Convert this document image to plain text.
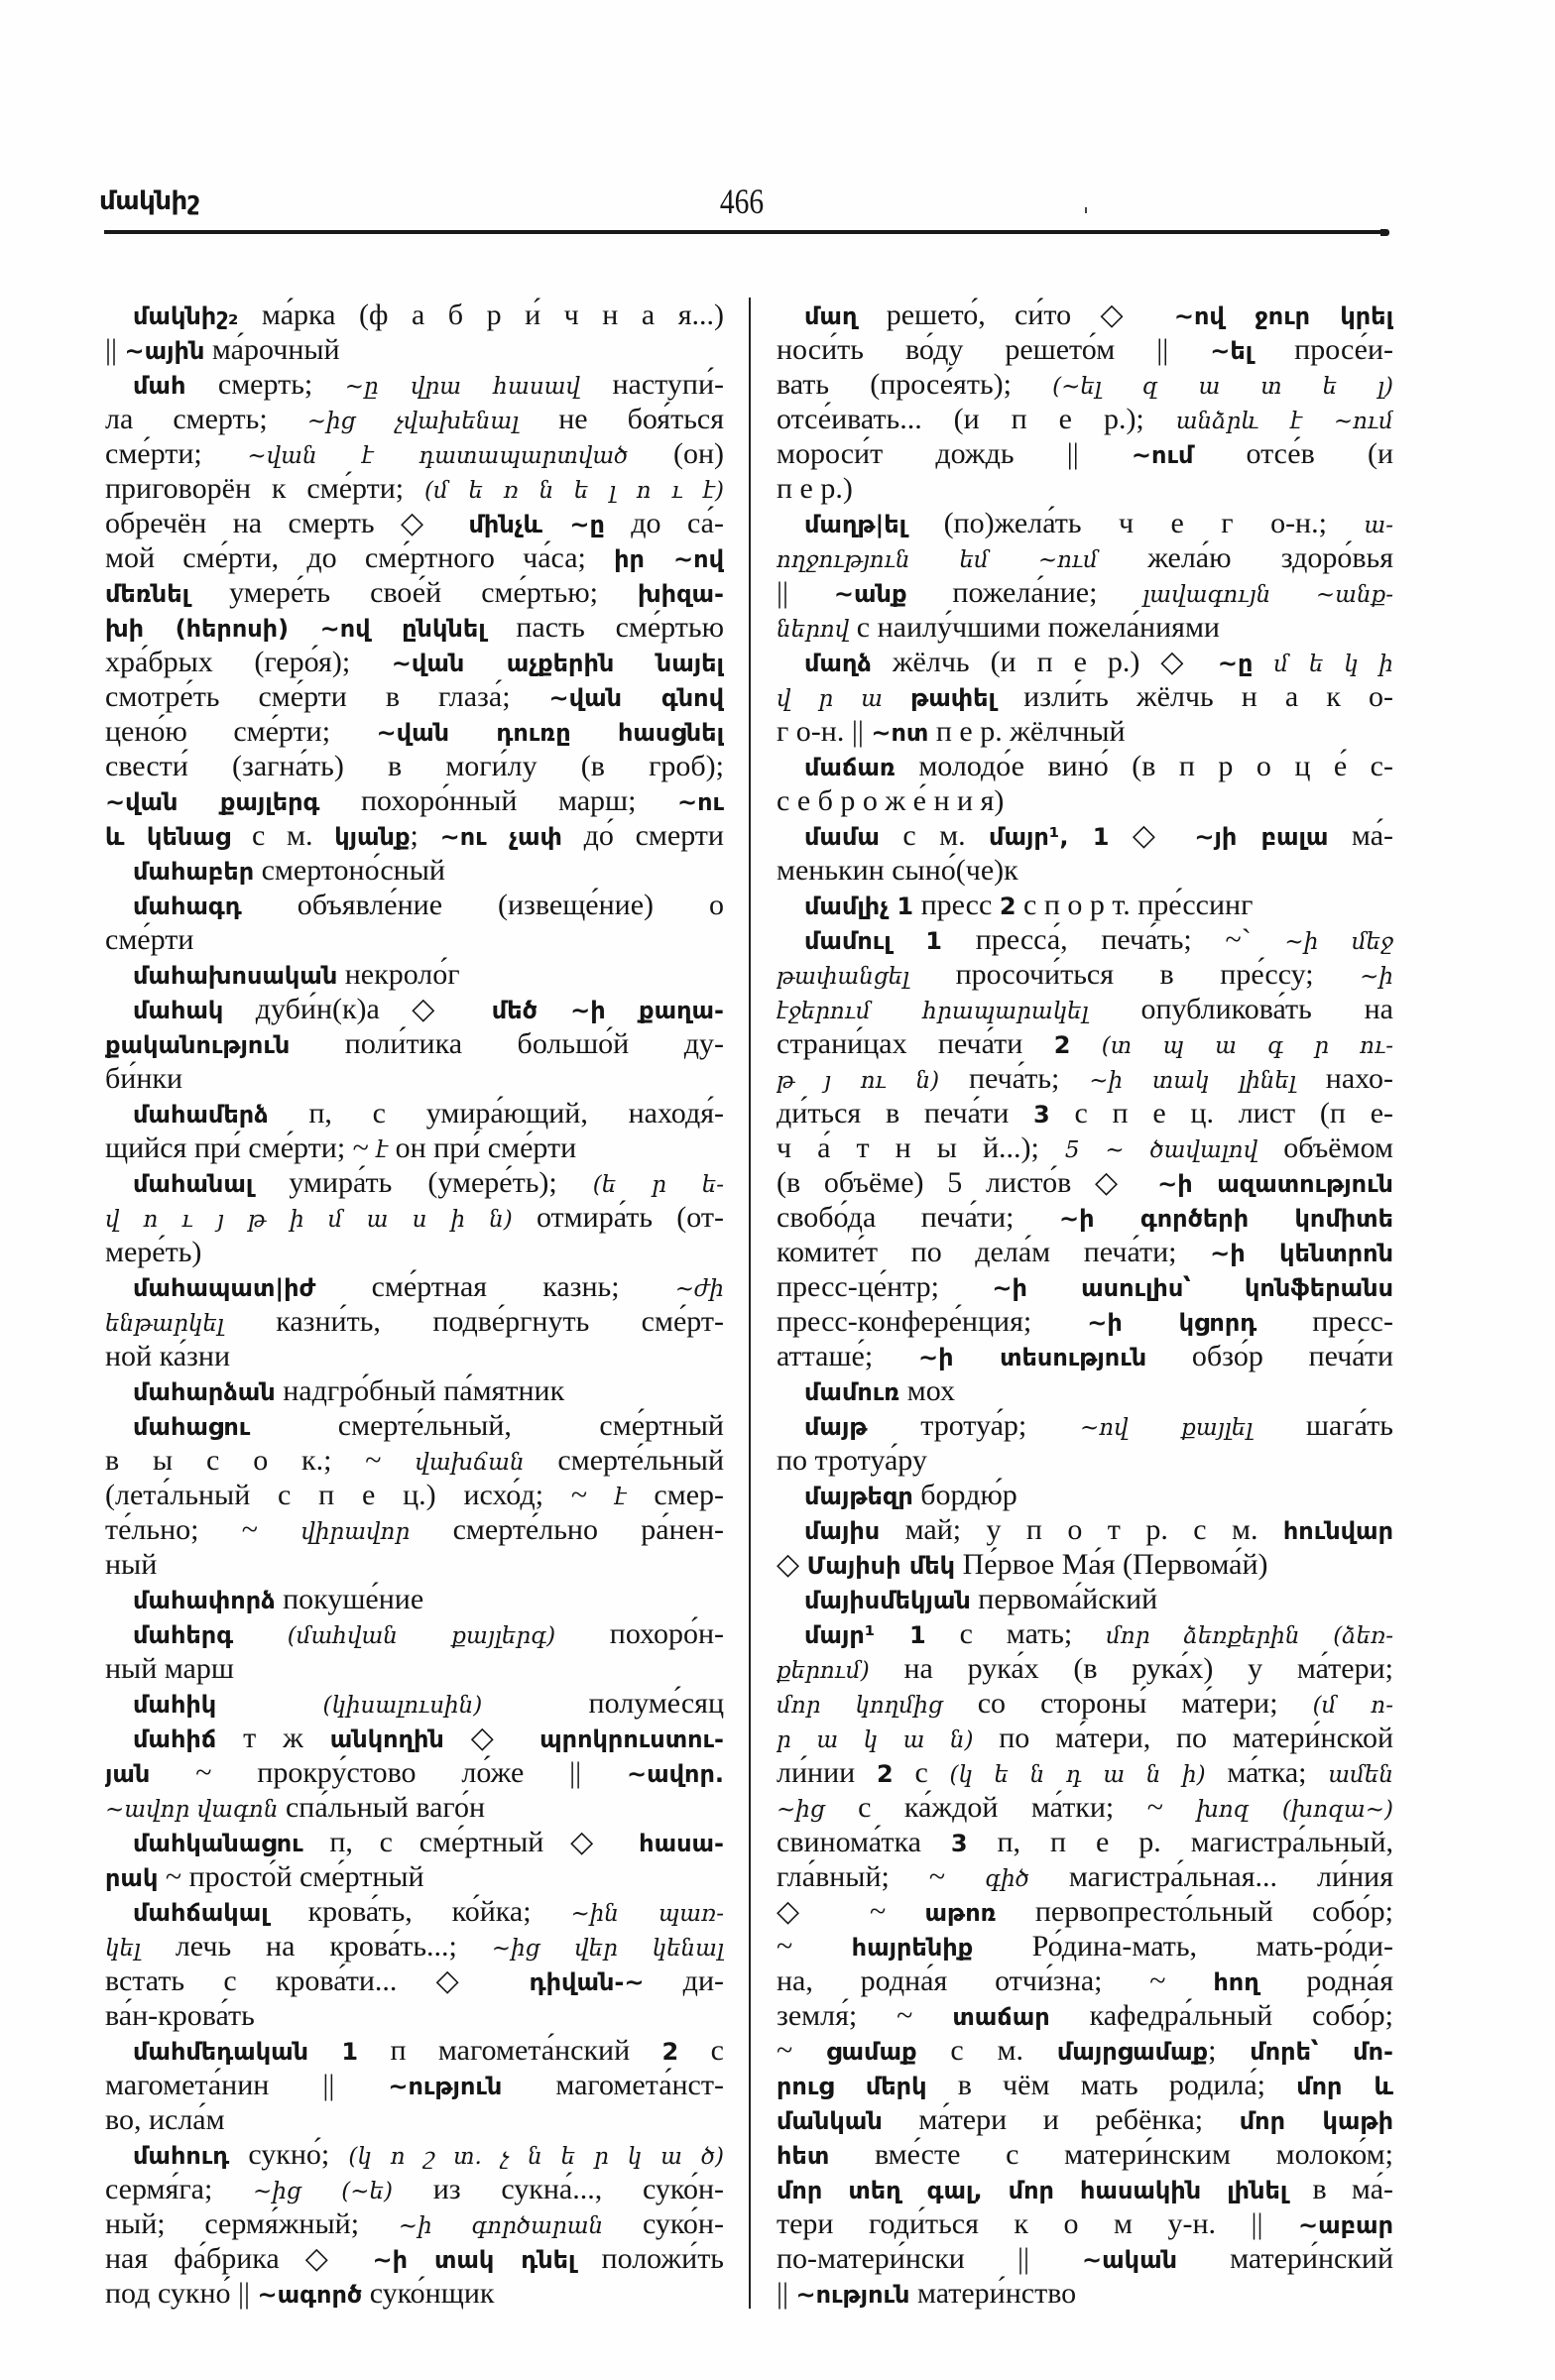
մակնիշ	466
մակնիշ₂ ма́рка (ф а б р и́ ч н а я...)
|| ~ային ма́рочный
մահ смерть; ~ը վրա հասավ наступи́-
ла смерть; ~ից չվախենալ не боя́ться
сме́рти; ~վան է դատապարտված (он)
приговорён к сме́рти; (մ ե ռ ն ե լ ո ւ է)
обречён на смерть ◇ մինչև ~ը до са́-
мой сме́рти, до сме́ртного ча́са; իր ~ով
մեռնել умере́ть свое́й сме́ртью; խիզա-
խի (հերոսի) ~ով ընկնել пасть сме́ртью
хра́брых (геро́я); ~վան աչքերին նայել
смотре́ть сме́рти в глаза́; ~վան գնով
цено́ю сме́рти; ~վան դուռը հասցնել
свести́ (загна́ть) в моги́лу (в гроб);
~վան քայլերգ похоро́нный марш; ~ու
և կենաց с м. կյանք; ~ու չափ до́ смерти
մահաբեր смертоно́сный
մահագդ объявле́ние (извеще́ние) о
сме́рти
մահախոսական некроло́г
մահակ дуби́н(к)а ◇ մեծ ~ի քաղա-
քականություն поли́тика большо́й ду-
би́нки
մահամերձ п, с умира́ющий, находя́-
щийся при́ сме́рти; ~ է он при́ сме́рти
մահանալ умира́ть (умере́ть); (ե ր ե-
վ ո ւ յ թ ի մ ա ս ի ն) отмира́ть (от-
мере́ть)
մահապատ|իժ сме́ртная казнь; ~ժի
ենթարկել казни́ть, подве́ргнуть сме́рт-
ной ка́зни
մահարձան надгро́бный па́мятник
մահացու смерте́льный, сме́ртный
в ы с о к.; ~ վախճան смерте́льный
(лета́льный с п е ц.) исхо́д; ~ է смер-
те́льно; ~ վիրավոր смерте́льно ра́нен-
ный
մահափորձ покуше́ние
մահերգ (մահվան քայլերգ) похоро́н-
ный марш
մահիկ	(կիսալուսին) полуме́сяц
մահիճ т ж անկողին ◇ պրոկրուստու-
յան ~ прокру́стово ло́же || ~ավոր.
~ավոր վագոն спа́льный ваго́н
մահկանացու п, с сме́ртный ◇ հասա-
րակ ~ просто́й сме́ртный
մահճակալ крова́ть, ко́йка; ~ին պառ-
կել лечь на крова́ть...; ~ից վեր կենալ
встать с крова́ти... ◇ դիվան-~ ди-
ва́н-крова́ть
մահմեդական 1 п магомета́нский 2 с
магомета́нин || ~ություն магомета́нст-
во, исла́м
մահուդ сукно́; (կ ո շ տ. չ ն ե ր կ ա ծ)
сермя́га; ~ից (~ե) из сукна́..., суко́н-
ный; сермя́жный; ~ի գործարան суко́н-
ная фа́брика ◇ ~ի տակ դնել положи́ть
под сукно́ || ~ագործ суко́нщик
մաղ решето́, си́то ◇ ~ով ջուր կրել
носи́ть во́ду решето́м || ~ել просе́и-
вать (просе́ять); (~ել զ ա տ ե լ)
отсе́ивать... (и п е р.); անձրև է ~ում
мороси́т дождь || ~ում отсе́в (и
п е р.)
մաղթ|ել (по)жела́ть ч е г о-н.; ա-
ողջություն եմ ~ում жела́ю здоро́вья
|| ~անք пожела́ние; լավագույն ~անք-
ներով с наилу́чшими пожела́ниями
մաղձ жёлчь (и п е р.) ◇ ~ը մ ե կ ի
վ ր ա թափել изли́ть жёлчь н а к о-
г о-н. || ~ոտ п е р. жёлчный
մաճառ молодо́е вино́ (в п р о ц е́ с-
с е б р о ж е́ н и я)
մամա с м. մայր¹, 1 ◇ ~յի բալա ма́-
менькин сыно́(че)к
մամլիչ 1 пресс 2 с п о р т. пре́ссинг
մամուլ 1 пресса́, печа́ть; ~` ~ի մեջ
թափանցել просочи́ться в пре́ссу; ~ի
էջերում հրապարակել опубликова́ть на
страни́цах печа́ти 2 (տ պ ա գ ր ու-
թ յ ու ն) печа́ть; ~ի տակ լինել нахо-
ди́ться в печа́ти 3 с п е ц. лист (п е-
ч а́ т н ы й...); 5 ~ ծավալով объёмом
(в объёме) 5 листо́в ◇ ~ի ազատություն
свобо́да печа́ти; ~ի գործերի կոմիտե
комите́т по дела́м печа́ти; ~ի կենտրոն
пресс-це́нтр; ~ի ասուլիս՝ կոնֆերանս
пресс-конфере́нция; ~ի կցորդ пресс-
атташе́; ~ի տեսություն обзо́р печа́ти
մամուռ мох
մայթ тротуа́р; ~ով քայլել шага́ть
по тротуа́ру
մայթեզր бордю́р
մայիս май; у п о т р. с м. հունվար
◇ Մայիսի մեկ Пе́рвое Ма́я (Первома́й)
մայիսմեկյան первома́йский
մայր¹ 1 с мать; մոր ձեռքերին (ձեռ-
քերում) на рука́х (в рука́х) у ма́тери;
մոր կողմից со стороны́ ма́тери; (մ ո-
ր ա կ ա ն) по ма́тери, по матери́нской
ли́нии 2 с (կ ե ն դ ա ն ի) ма́тка; ամեն
~ից с ка́ждой ма́тки; ~ խոզ (խոզա~)
свинома́тка 3 п, п е р. магистра́льный,
гла́вный; ~ գիծ магистра́льная... ли́ния
◇ ~ աթոռ первопресто́льный собо́р;
~ հայրենիք Ро́дина-мать, мать-ро́ди-
на, родна́я отчи́зна; ~ հող родна́я
земля́; ~ տաճար кафедра́льный собо́р;
~ ցամաք с м. մայրցամաք; մորե՝ մո-
րուց մերկ в чём мать родила́; մոր և
մանկան ма́тери и ребёнка; մոր կաթի
հետ вме́сте с матери́нским молоко́м;
մոր տեղ գալ, մոր հասակին լինել в ма́-
тери годи́ться к о м у-н. || ~աբար
по-матери́нски || ~ական матери́нский
|| ~ություն матери́нство
